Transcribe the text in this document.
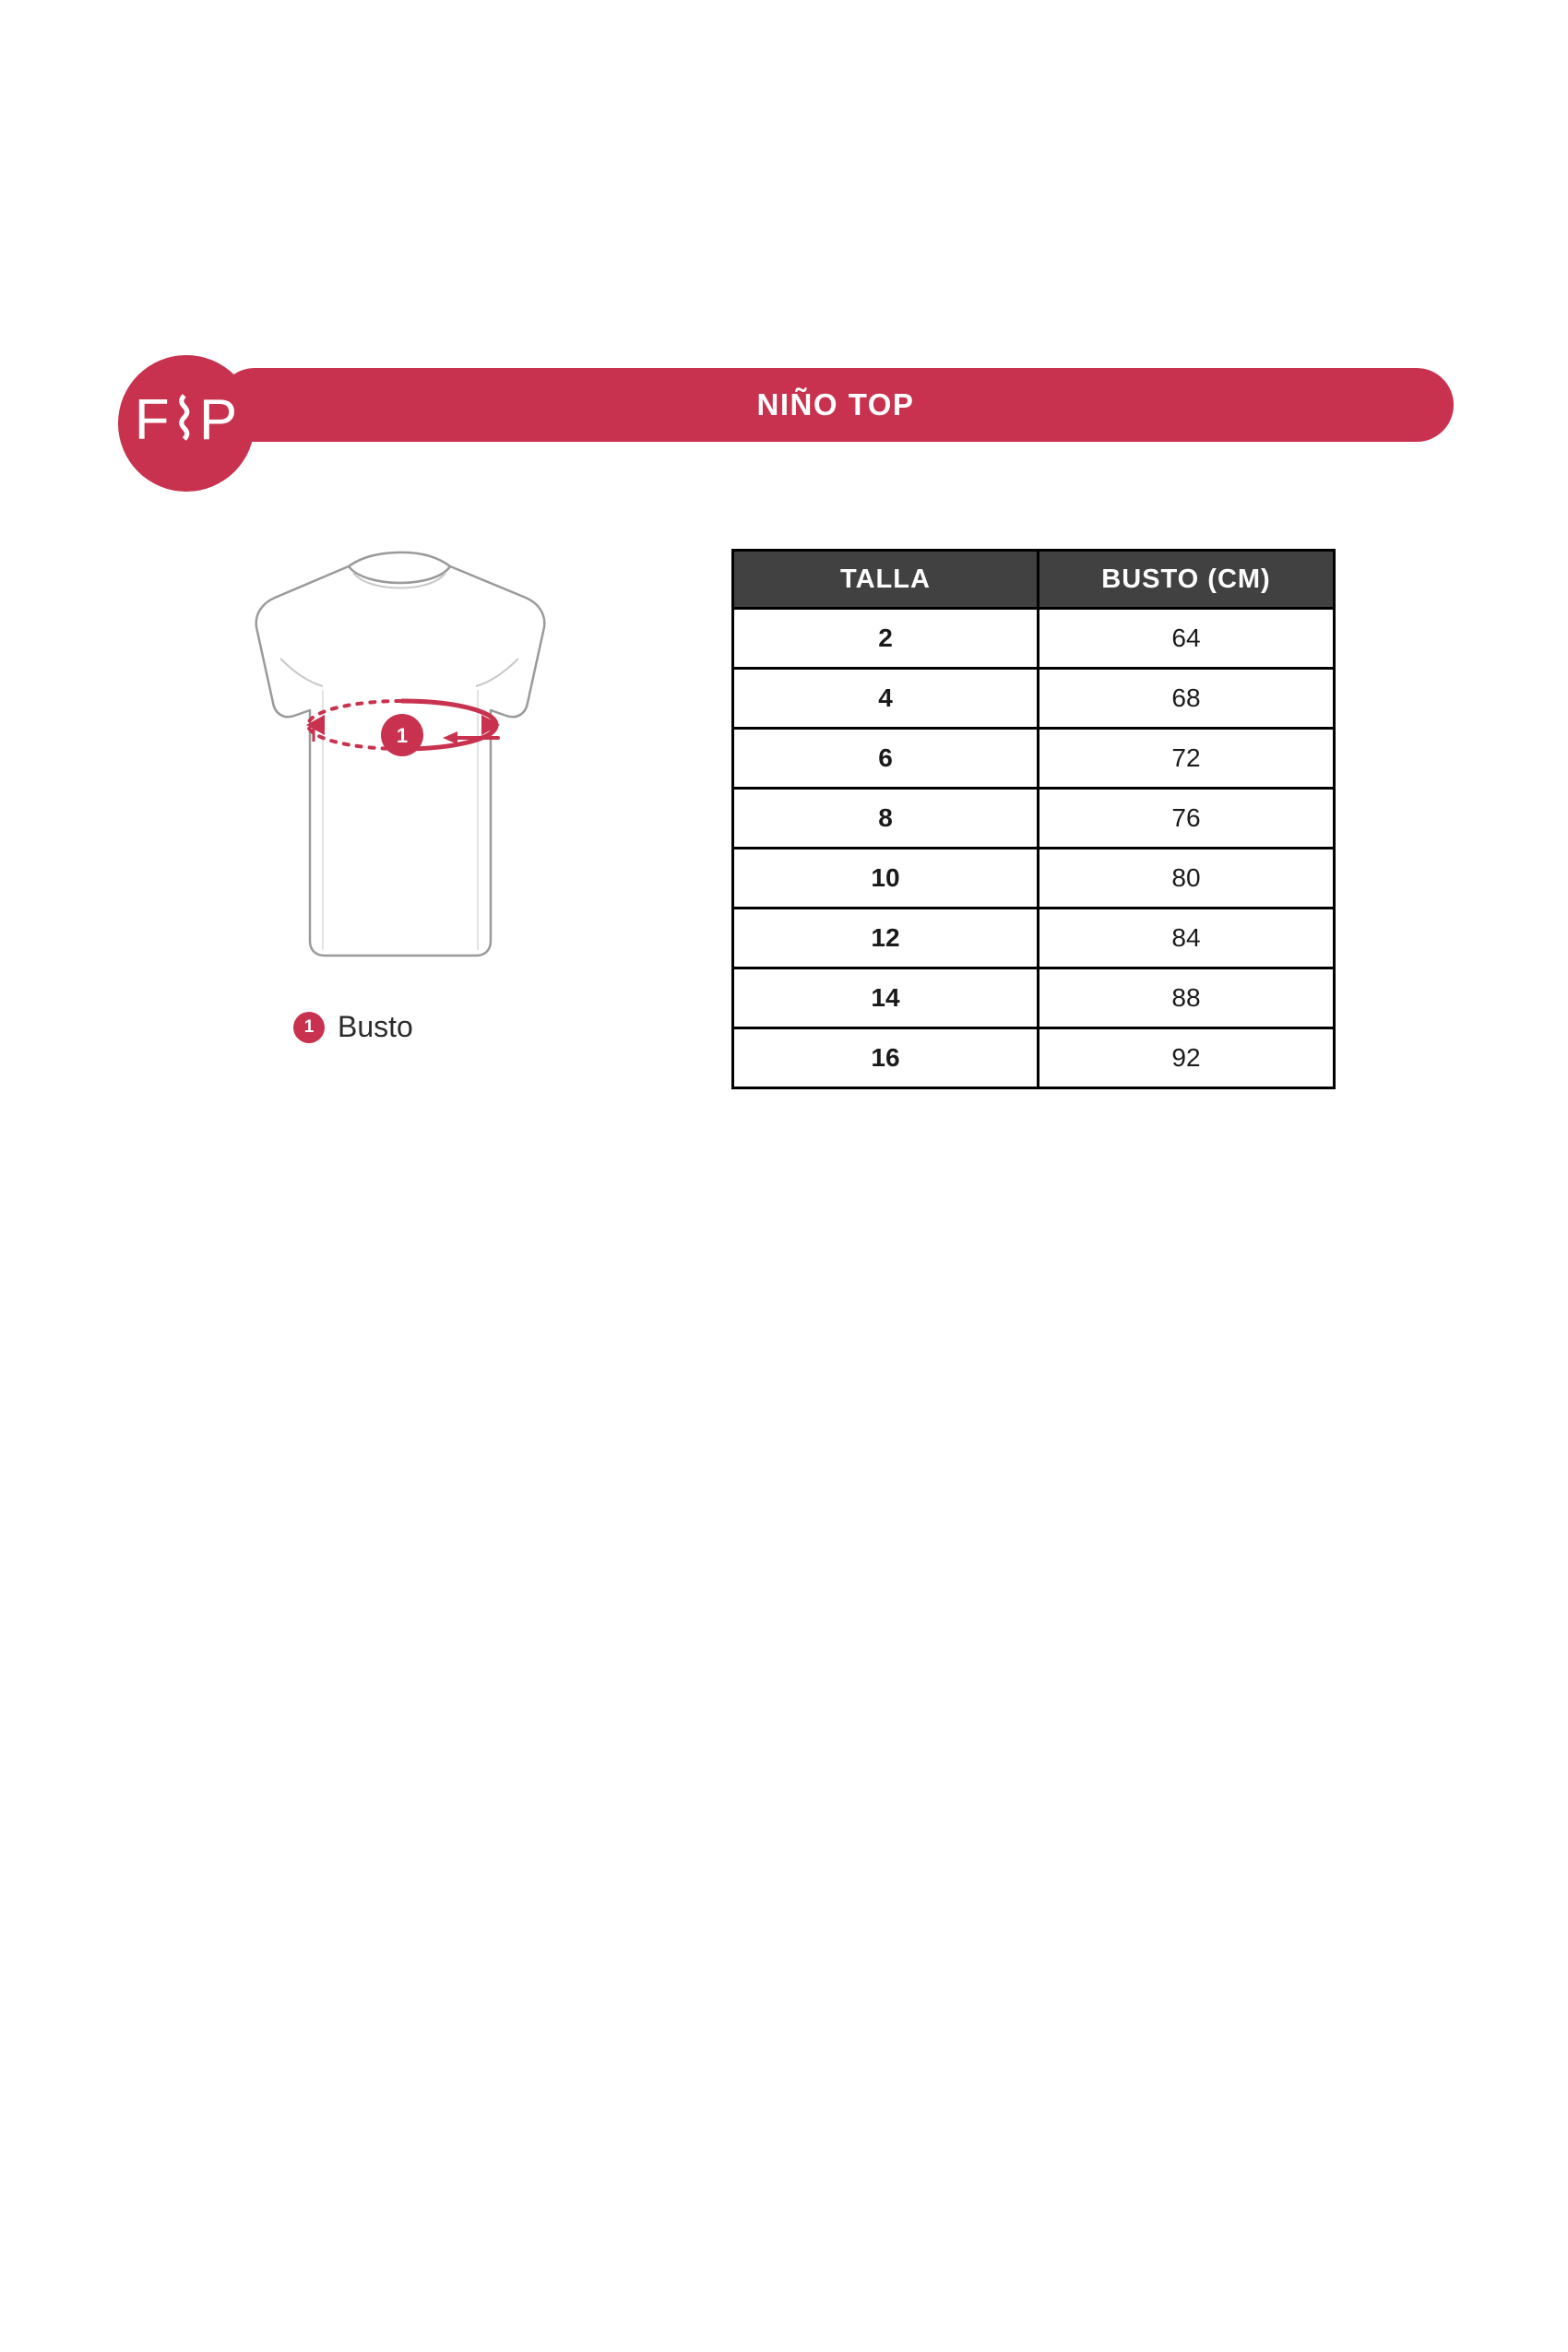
NIÑO TOP
F⌇P
1
1 Busto
TALLA	BUSTO (CM)
2	64
4	68
6	72
8	76
10	80
12	84
14	88
16	92
